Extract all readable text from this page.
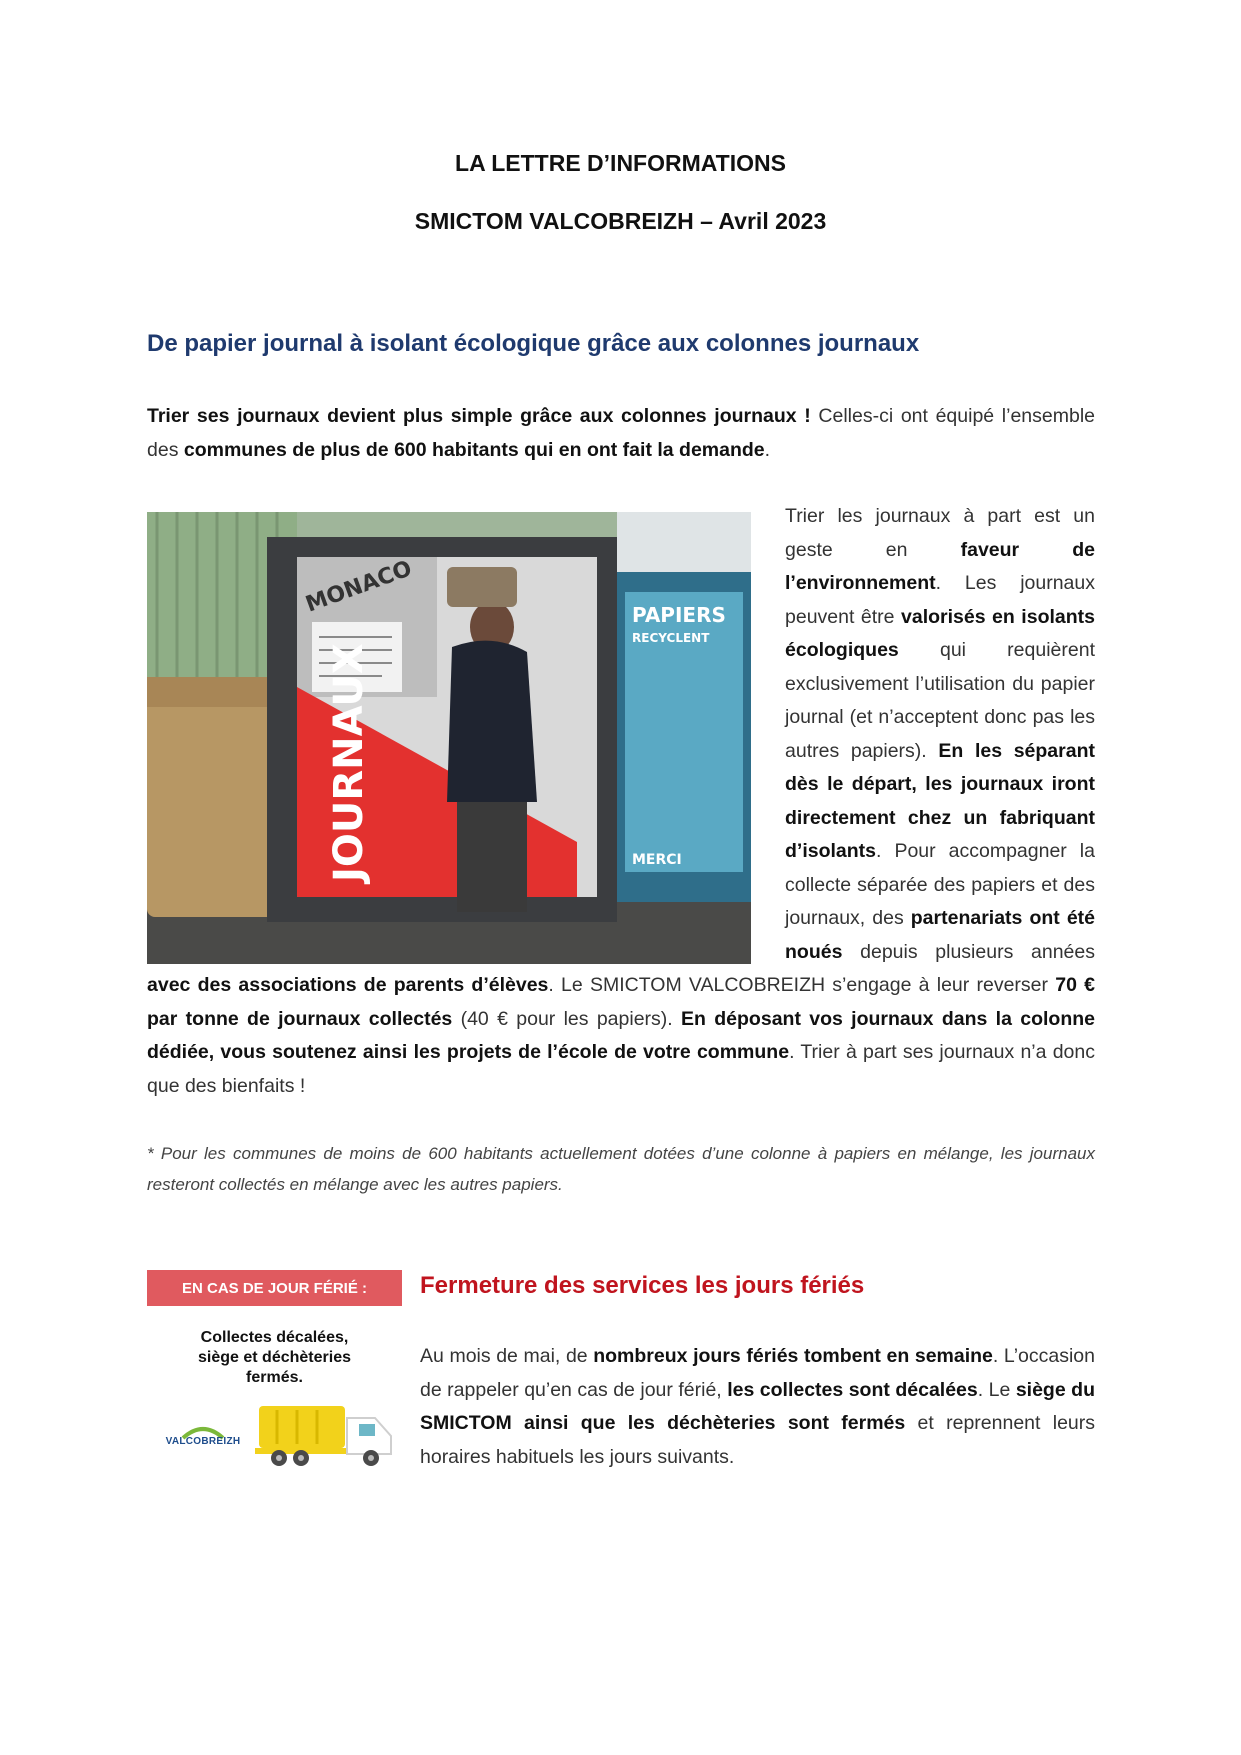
LA LETTRE D’INFORMATIONS
SMICTOM VALCOBREIZH – Avril 2023
De papier journal à isolant écologique grâce aux colonnes journaux
Trier ses journaux devient plus simple grâce aux colonnes journaux ! Celles-ci ont équipé l’ensemble des communes de plus de 600 habitants qui en ont fait la demande.
Trier les journaux à part est un geste en faveur de l’environnement. Les journaux peuvent être valorisés en isolants écologiques qui requièrent exclusivement l’utilisation du papier journal (et n’acceptent donc pas les autres papiers). En les séparant dès le départ, les journaux iront directement chez un fabriquant d’isolants. Pour accompagner la collecte séparée des papiers et des journaux, des partenariats ont été noués depuis plusieurs années avec des associations de parents d’élèves. Le SMICTOM VALCOBREIZH s’engage à leur reverser 70 € par tonne de journaux collectés (40 € pour les papiers). En déposant vos journaux dans la colonne dédiée, vous soutenez ainsi les projets de l’école de votre commune. Trier à part ses journaux n’a donc que des bienfaits !
MONACO
JOURNAUX
PAPIERS
RECYCLENT
MERCI
* Pour les communes de moins de 600 habitants actuellement dotées d’une colonne à papiers en mélange, les journaux resteront collectés en mélange avec les autres papiers.
EN CAS DE JOUR FÉRIÉ :
Collectes décalées,
siège et déchèteries
fermés.
VALCOBREIZH
Fermeture des services les jours fériés
Au mois de mai, de nombreux jours fériés tombent en semaine. L’occasion de rappeler qu’en cas de jour férié, les collectes sont décalées. Le siège du SMICTOM ainsi que les déchèteries sont fermés et reprennent leurs horaires habituels les jours suivants.
